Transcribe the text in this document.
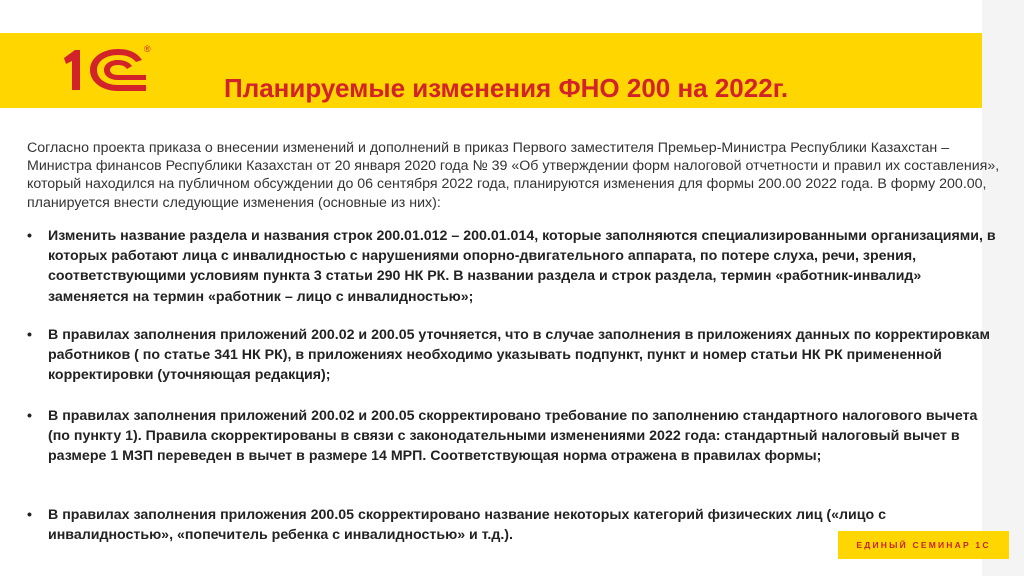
®
Планируемые изменения ФНО 200 на 2022г.

Согласно проекта приказа о внесении изменений и дополнений в приказ Первого заместителя Премьер-Министра Республики Казахстан – Министра финансов Республики Казахстан от 20 января 2020 года № 39 «Об утверждении форм налоговой отчетности и правил их составления», который находился на публичном обсуждении до 06 сентября 2022 года, планируются изменения для формы 200.00 2022 года. В форму 200.00, планируется внести следующие изменения (основные из них):

•	Изменить название раздела и названия строк 200.01.012 – 200.01.014, которые заполняются специализированными организациями, в которых работают лица с инвалидностью с нарушениями опорно-двигательного аппарата, по потере слуха, речи, зрения, соответствующими условиям пункта 3 статьи 290 НК РК. В названии раздела и строк раздела, термин «работник-инвалид» заменяется на термин «работник – лицо с инвалидностью»;
•	В правилах заполнения приложений 200.02 и 200.05 уточняется, что в случае заполнения в приложениях данных по корректировкам работников ( по статье 341 НК РК), в приложениях необходимо указывать подпункт, пункт и номер статьи НК РК примененной корректировки (уточняющая редакция);
•	В правилах заполнения приложений 200.02 и 200.05 скорректировано требование по заполнению стандартного налогового вычета (по пункту 1). Правила скорректированы в связи с законодательными изменениями 2022 года: стандартный налоговый вычет в размере 1 МЗП переведен в вычет в размере 14 МРП. Соответствующая норма отражена в правилах формы;
•	В правилах заполнения приложения 200.05 скорректировано название некоторых категорий физических лиц («лицо с инвалидностью», «попечитель ребенка с инвалидностью» и т.д.).
ЕДИНЫЙ СЕМИНАР 1С
